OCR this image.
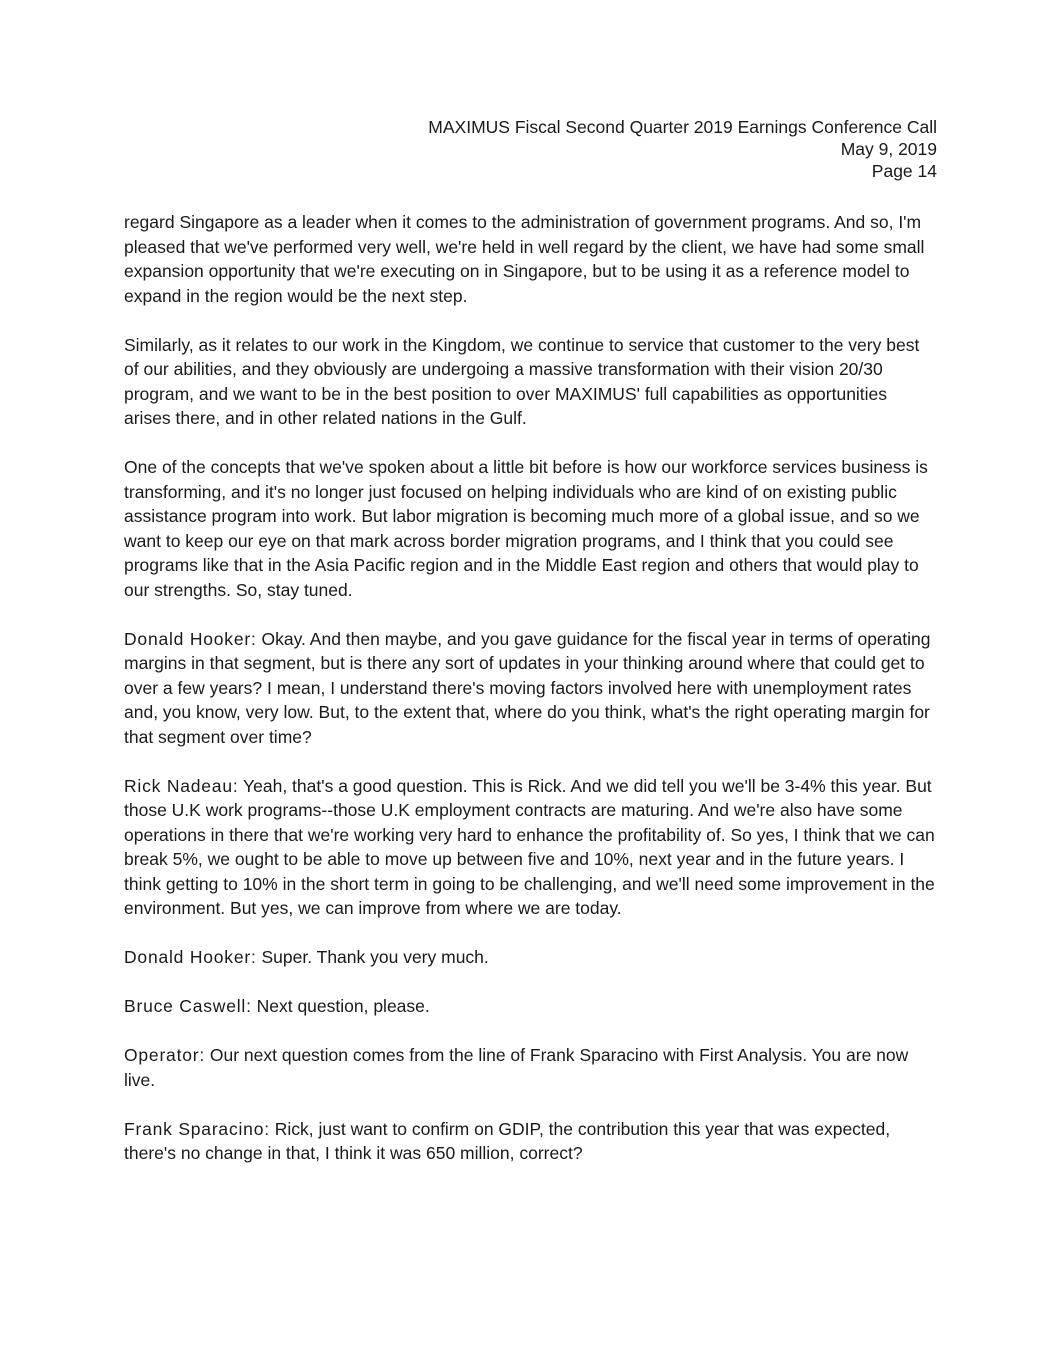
MAXIMUS Fiscal Second Quarter 2019 Earnings Conference Call
May 9, 2019
Page 14

regard Singapore as a leader when it comes to the administration of government programs. And so, I'm pleased that we've performed very well, we're held in well regard by the client, we have had some small expansion opportunity that we're executing on in Singapore, but to be using it as a reference model to expand in the region would be the next step.

Similarly, as it relates to our work in the Kingdom, we continue to service that customer to the very best of our abilities, and they obviously are undergoing a massive transformation with their vision 20/30 program, and we want to be in the best position to over MAXIMUS' full capabilities as opportunities arises there, and in other related nations in the Gulf.

One of the concepts that we've spoken about a little bit before is how our workforce services business is transforming, and it's no longer just focused on helping individuals who are kind of on existing public assistance program into work. But labor migration is becoming much more of a global issue, and so we want to keep our eye on that mark across border migration programs, and I think that you could see programs like that in the Asia Pacific region and in the Middle East region and others that would play to our strengths. So, stay tuned.

Donald Hooker: Okay. And then maybe, and you gave guidance for the fiscal year in terms of operating margins in that segment, but is there any sort of updates in your thinking around where that could get to over a few years? I mean, I understand there's moving factors involved here with unemployment rates and, you know, very low. But, to the extent that, where do you think, what's the right operating margin for that segment over time?

Rick Nadeau: Yeah, that's a good question. This is Rick. And we did tell you we'll be 3-4% this year. But those U.K work programs--those U.K employment contracts are maturing. And we're also have some operations in there that we're working very hard to enhance the profitability of. So yes, I think that we can break 5%, we ought to be able to move up between five and 10%, next year and in the future years. I think getting to 10% in the short term in going to be challenging, and we'll need some improvement in the environment. But yes, we can improve from where we are today.

Donald Hooker: Super. Thank you very much.

Bruce Caswell: Next question, please.

Operator: Our next question comes from the line of Frank Sparacino with First Analysis. You are now live.

Frank Sparacino: Rick, just want to confirm on GDIP, the contribution this year that was expected, there's no change in that, I think it was 650 million, correct?
